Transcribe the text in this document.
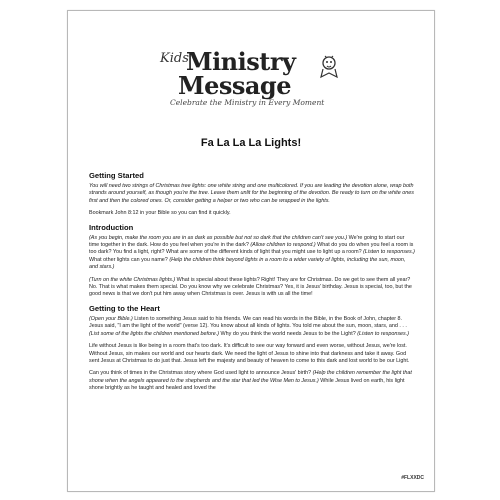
Kids
Ministry
Message
Celebrate the Ministry in Every Moment
Fa La La La Lights!
Getting Started

You will need two strings of Christmas tree lights: one white string and one multicolored. If you are leading the devotion alone, wrap both strands around yourself, as though you're the tree. Leave them unlit for the beginning of the devotion. Be ready to turn on the white ones first and then the colored ones. Or, consider getting a helper or two who can be wrapped in the lights.

Bookmark John 8:12 in your Bible so you can find it quickly.

Introduction

(As you begin, make the room you are in as dark as possible but not so dark that the children can't see you.) We're going to start our time together in the dark. How do you feel when you're in the dark? (Allow children to respond.) What do you do when you feel a room is too dark? You find a light, right? What are some of the different kinds of light that you might use to light up a room? (Listen to responses.) What other lights can you name? (Help the children think beyond lights in a room to a wider variety of lights, including the sun, moon, and stars.)

(Turn on the white Christmas lights.) What is special about these lights? Right! They are for Christmas. Do we get to see them all year? No. That is what makes them special. Do you know why we celebrate Christmas? Yes, it is Jesus' birthday. Jesus is special, too, but the good news is that we don't put him away when Christmas is over. Jesus is with us all the time!

Getting to the Heart

(Open your Bible.) Listen to something Jesus said to his friends. We can read his words in the Bible, in the Book of John, chapter 8. Jesus said, "I am the light of the world" (verse 12). You know about all kinds of lights. You told me about the sun, moon, stars, and . . . (List some of the lights the children mentioned before.) Why do you think the world needs Jesus to be the Light? (Listen to responses.)

Life without Jesus is like being in a room that's too dark. It's difficult to see our way forward and even worse, without Jesus, we're lost. Without Jesus, sin makes our world and our hearts dark. We need the light of Jesus to shine into that darkness and take it away. God sent Jesus at Christmas to do just that. Jesus left the majesty and beauty of heaven to come to this dark and lost world to be our Light.

Can you think of times in the Christmas story where God used light to announce Jesus' birth? (Help the children remember the light that shone when the angels appeared to the shepherds and the star that led the Wise Men to Jesus.) While Jesus lived on earth, his light shone brightly as he taught and healed and loved the

#FLXXDC
